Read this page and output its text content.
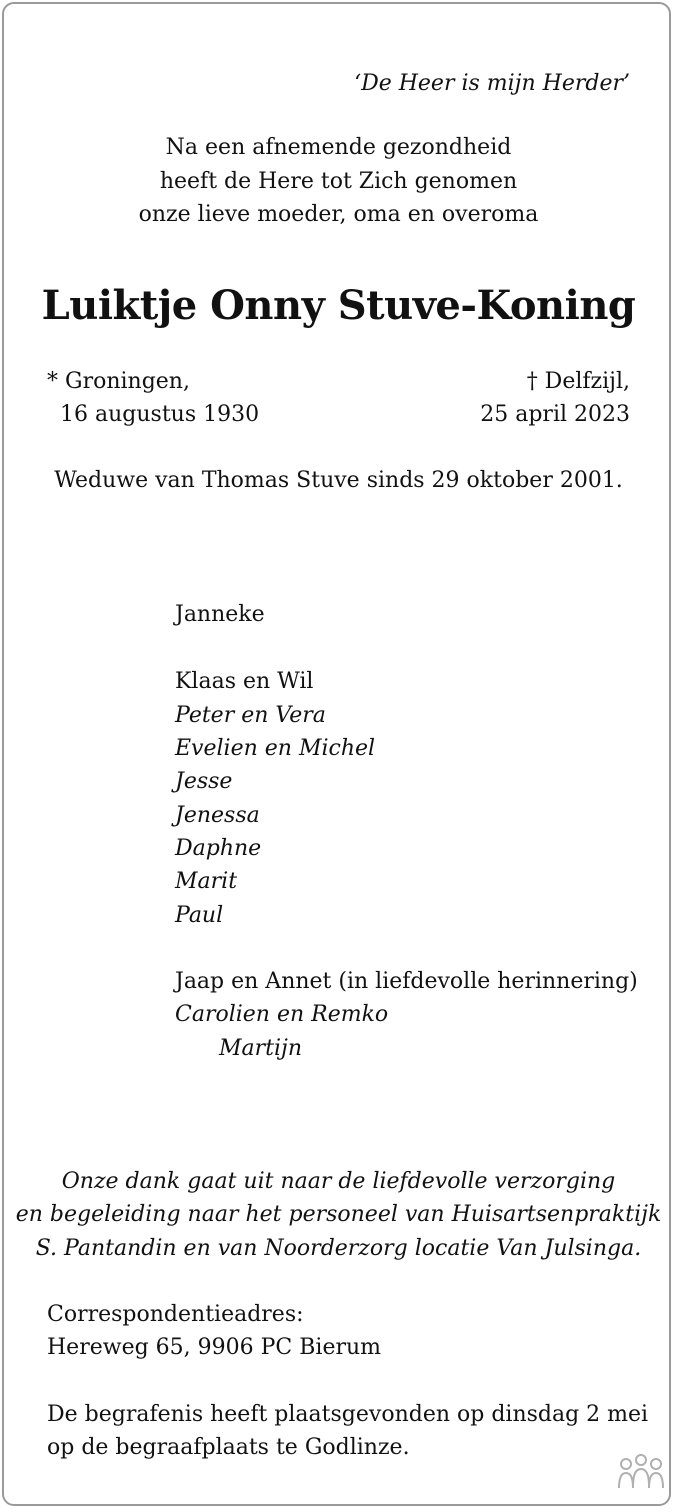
‘De Heer is mijn Herder’
Na een afnemende gezondheid
heeft de Here tot Zich genomen
onze lieve moeder, oma en overoma
Luiktje Onny Stuve-Koning
* Groningen,
16 augustus 1930
† Delfzijl,
25 april 2023
Weduwe van Thomas Stuve sinds 29 oktober 2001.
Janneke
Klaas en Wil
Peter en Vera
Evelien en Michel
Jesse
Jenessa
Daphne
Marit
Paul
Jaap en Annet (in liefdevolle herinnering)
Carolien en Remko
Martijn
Onze dank gaat uit naar de liefdevolle verzorging
en begeleiding naar het personeel van Huisartsenpraktijk
S. Pantandin en van Noorderzorg locatie Van Julsinga.
Correspondentieadres:
Hereweg 65, 9906 PC Bierum
De begrafenis heeft plaatsgevonden op dinsdag 2 mei
op de begraafplaats te Godlinze.
